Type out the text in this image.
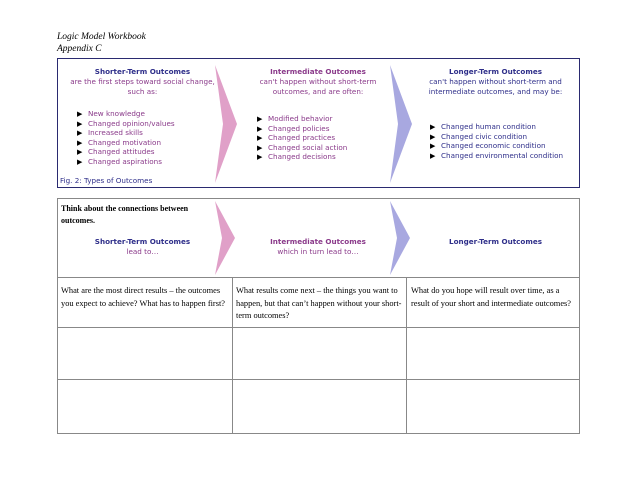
Logic Model Workbook
Appendix C
Shorter-Term Outcomes
are the first steps toward social change,
such as:
Intermediate Outcomes
can't happen without short-term
outcomes, and are often:
Longer-Term Outcomes
can't happen without short-term and
intermediate outcomes, and may be:
▶ New knowledge
▶ Changed opinion/values
▶ Increased skills
▶ Changed motivation
▶ Changed attitudes
▶ Changed aspirations
▶ Modified behavior
▶ Changed policies
▶ Changed practices
▶ Changed social action
▶ Changed decisions
▶ Changed human condition
▶ Changed civic condition
▶ Changed economic condition
▶ Changed environmental condition
Fig. 2: Types of Outcomes
Think about the connections between outcomes.
Shorter-Term Outcomes
lead to…
Intermediate Outcomes
which in turn lead to…
Longer-Term Outcomes
What are the most direct results – the outcomes you expect to achieve? What has to happen first?
What results come next – the things you want to happen, but that can’t happen without your short-term outcomes?
What do you hope will result over time, as a result of your short and intermediate outcomes?
